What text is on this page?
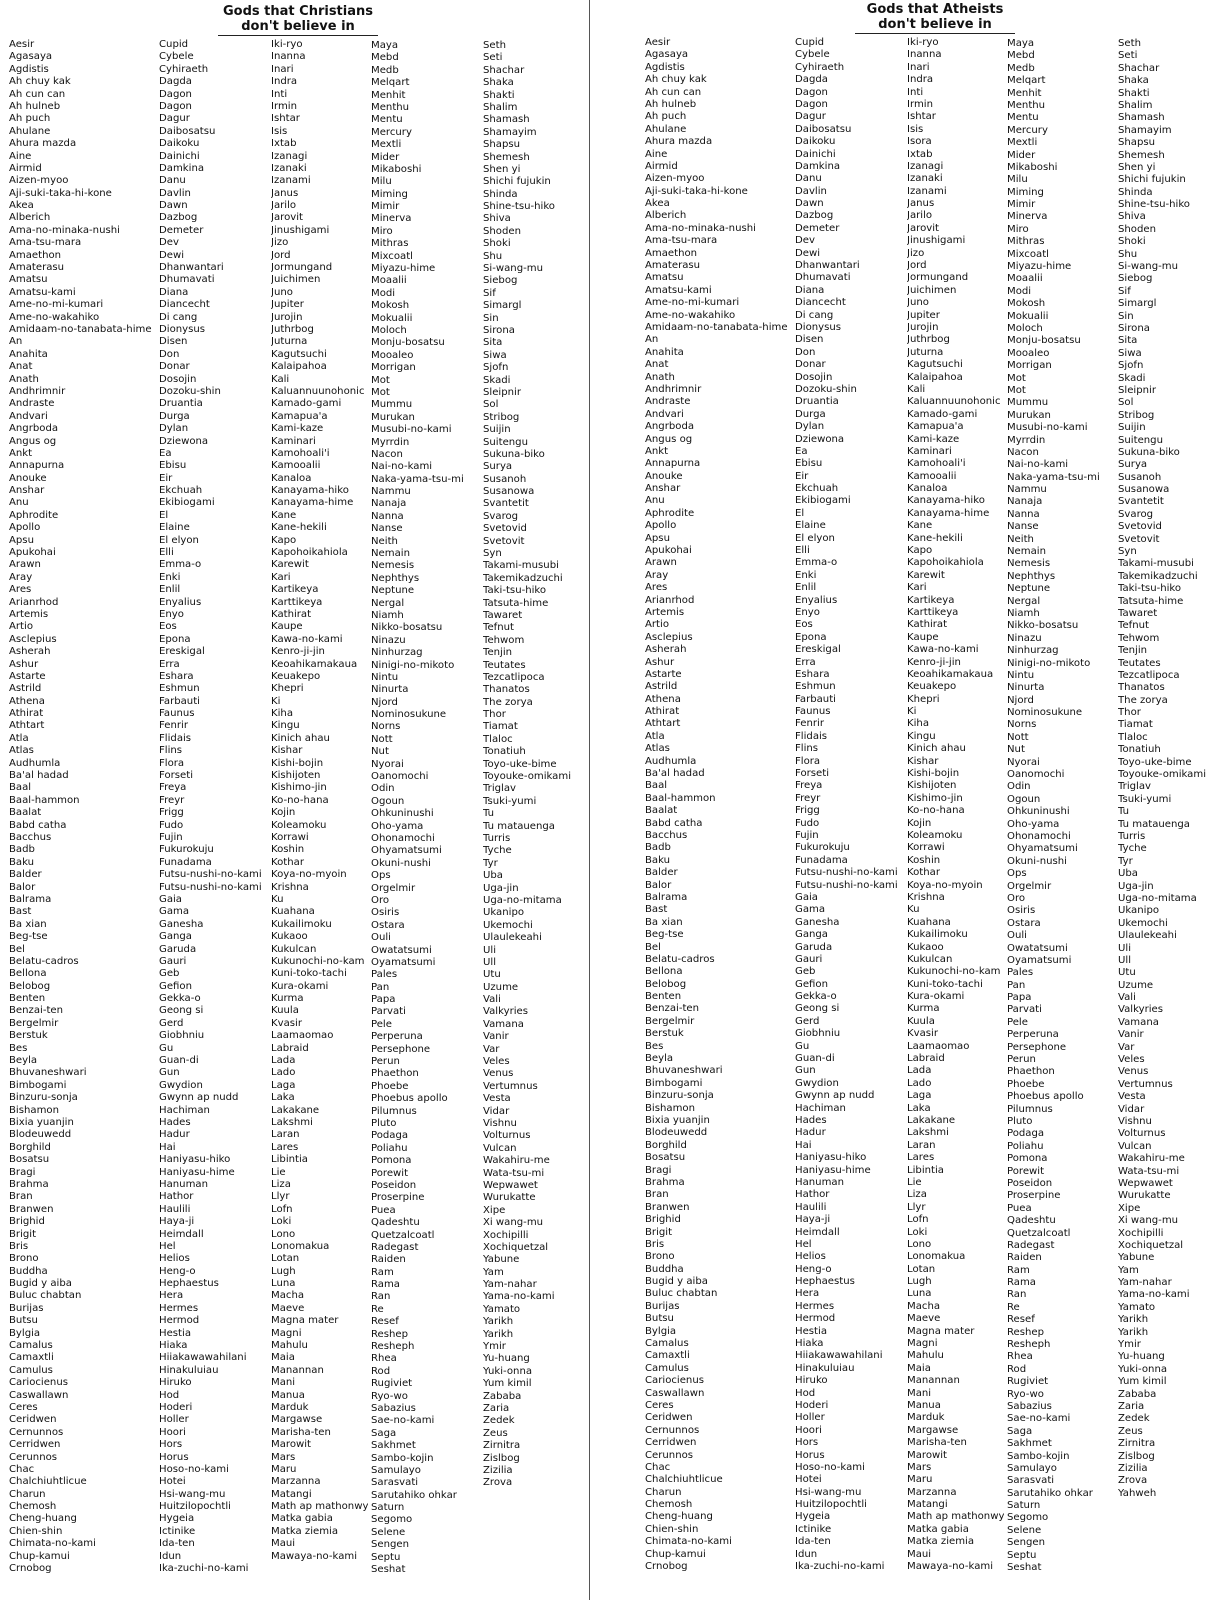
Gods that Christians

don't believe in
Gods that Atheists

don't believe in
Aesir
Agasaya
Agdistis
Ah chuy kak
Ah cun can
Ah hulneb
Ah puch
Ahulane
Ahura mazda
Aine
Airmid
Aizen-myoo
Aji-suki-taka-hi-kone
Akea
Alberich
Ama-no-minaka-nushi
Ama-tsu-mara
Amaethon
Amaterasu
Amatsu
Amatsu-kami
Ame-no-mi-kumari
Ame-no-wakahiko
Amidaam-no-tanabata-hime
An
Anahita
Anat
Anath
Andhrimnir
Andraste
Andvari
Angrboda
Angus og
Ankt
Annapurna
Anouke
Anshar
Anu
Aphrodite
Apollo
Apsu
Apukohai
Arawn
Aray
Ares
Arianrhod
Artemis
Artio
Asclepius
Asherah
Ashur
Astarte
Astrild
Athena
Athirat
Athtart
Atla
Atlas
Audhumla
Ba'al hadad
Baal
Baal-hammon
Baalat
Babd catha
Bacchus
Badb
Baku
Balder
Balor
Balrama
Bast
Ba xian
Beg-tse
Bel
Belatu-cadros
Bellona
Belobog
Benten
Benzai-ten
Bergelmir
Berstuk
Bes
Beyla
Bhuvaneshwari
Bimbogami
Binzuru-sonja
Bishamon
Bixia yuanjin
Blodeuwedd
Borghild
Bosatsu
Bragi
Brahma
Bran
Branwen
Brighid
Brigit
Bris
Brono
Buddha
Bugid y aiba
Buluc chabtan
Burijas
Butsu
Bylgia
Camalus
Camaxtli
Camulus
Cariocienus
Caswallawn
Ceres
Ceridwen
Cernunnos
Cerridwen
Cerunnos
Chac
Chalchiuhtlicue
Charun
Chemosh
Cheng-huang
Chien-shin
Chimata-no-kami
Chup-kamui
Crnobog
Cupid
Cybele
Cyhiraeth
Dagda
Dagon
Dagon
Dagur
Daibosatsu
Daikoku
Dainichi
Damkina
Danu
Davlin
Dawn
Dazbog
Demeter
Dev
Dewi
Dhanwantari
Dhumavati
Diana
Diancecht
Di cang
Dionysus
Disen
Don
Donar
Dosojin
Dozoku-shin
Druantia
Durga
Dylan
Dziewona
Ea
Ebisu
Eir
Ekchuah
Ekibiogami
El
Elaine
El elyon
Elli
Emma-o
Enki
Enlil
Enyalius
Enyo
Eos
Epona
Ereskigal
Erra
Eshara
Eshmun
Farbauti
Faunus
Fenrir
Flidais
Flins
Flora
Forseti
Freya
Freyr
Frigg
Fudo
Fujin
Fukurokuju
Funadama
Futsu-nushi-no-kami
Futsu-nushi-no-kami
Gaia
Gama
Ganesha
Ganga
Garuda
Gauri
Geb
Gefion
Gekka-o
Geong si
Gerd
Giobhniu
Gu
Guan-di
Gun
Gwydion
Gwynn ap nudd
Hachiman
Hades
Hadur
Hai
Haniyasu-hiko
Haniyasu-hime
Hanuman
Hathor
Haulili
Haya-ji
Heimdall
Hel
Helios
Heng-o
Hephaestus
Hera
Hermes
Hermod
Hestia
Hiaka
Hiiakawawahilani
Hinakuluiau
Hiruko
Hod
Hoderi
Holler
Hoori
Hors
Horus
Hoso-no-kami
Hotei
Hsi-wang-mu
Huitzilopochtli
Hygeia
Ictinike
Ida-ten
Idun
Ika-zuchi-no-kami
Iki-ryo
Inanna
Inari
Indra
Inti
Irmin
Ishtar
Isis
Ixtab
Izanagi
Izanaki
Izanami
Janus
Jarilo
Jarovit
Jinushigami
Jizo
Jord
Jormungand
Juichimen
Juno
Jupiter
Jurojin
Juthrbog
Juturna
Kagutsuchi
Kalaipahoa
Kali
Kaluannuunohonic
Kamado-gami
Kamapua'a
Kami-kaze
Kaminari
Kamohoali'i
Kamooalii
Kanaloa
Kanayama-hiko
Kanayama-hime
Kane
Kane-hekili
Kapo
Kapohoikahiola
Karewit
Kari
Kartikeya
Karttikeya
Kathirat
Kaupe
Kawa-no-kami
Kenro-ji-jin
Keoahikamakaua
Keuakepo
Khepri
Ki
Kiha
Kingu
Kinich ahau
Kishar
Kishi-bojin
Kishijoten
Kishimo-jin
Ko-no-hana
Kojin
Koleamoku
Korrawi
Koshin
Kothar
Koya-no-myoin
Krishna
Ku
Kuahana
Kukailimoku
Kukaoo
Kukulcan
Kukunochi-no-kam
Kuni-toko-tachi
Kura-okami
Kurma
Kuula
Kvasir
Laamaomao
Labraid
Lada
Lado
Laga
Laka
Lakakane
Lakshmi
Laran
Lares
Libintia
Lie
Liza
Llyr
Lofn
Loki
Lono
Lonomakua
Lotan
Lugh
Luna
Macha
Maeve
Magna mater
Magni
Mahulu
Maia
Manannan
Mani
Manua
Marduk
Margawse
Marisha-ten
Marowit
Mars
Maru
Marzanna
Matangi
Math ap mathonwy
Matka gabia
Matka ziemia
Maui
Mawaya-no-kami
Maya
Mebd
Medb
Melqart
Menhit
Menthu
Mentu
Mercury
Mextli
Mider
Mikaboshi
Milu
Miming
Mimir
Minerva
Miro
Mithras
Mixcoatl
Miyazu-hime
Moaalii
Modi
Mokosh
Mokualii
Moloch
Monju-bosatsu
Mooaleo
Morrigan
Mot
Mot
Mummu
Murukan
Musubi-no-kami
Myrrdin
Nacon
Nai-no-kami
Naka-yama-tsu-mi
Nammu
Nanaja
Nanna
Nanse
Neith
Nemain
Nemesis
Nephthys
Neptune
Nergal
Niamh
Nikko-bosatsu
Ninazu
Ninhurzag
Ninigi-no-mikoto
Nintu
Ninurta
Njord
Nominosukune
Norns
Nott
Nut
Nyorai
Oanomochi
Odin
Ogoun
Ohkuninushi
Oho-yama
Ohonamochi
Ohyamatsumi
Okuni-nushi
Ops
Orgelmir
Oro
Osiris
Ostara
Ouli
Owatatsumi
Oyamatsumi
Pales
Pan
Papa
Parvati
Pele
Perperuna
Persephone
Perun
Phaethon
Phoebe
Phoebus apollo
Pilumnus
Pluto
Podaga
Poliahu
Pomona
Porewit
Poseidon
Proserpine
Puea
Qadeshtu
Quetzalcoatl
Radegast
Raiden
Ram
Rama
Ran
Re
Resef
Reshep
Resheph
Rhea
Rod
Rugiviet
Ryo-wo
Sabazius
Sae-no-kami
Saga
Sakhmet
Sambo-kojin
Samulayo
Sarasvati
Sarutahiko ohkar
Saturn
Segomo
Selene
Sengen
Septu
Seshat
Seth
Seti
Shachar
Shaka
Shakti
Shalim
Shamash
Shamayim
Shapsu
Shemesh
Shen yi
Shichi fujukin
Shinda
Shine-tsu-hiko
Shiva
Shoden
Shoki
Shu
Si-wang-mu
Siebog
Sif
Simargl
Sin
Sirona
Sita
Siwa
Sjofn
Skadi
Sleipnir
Sol
Stribog
Suijin
Suitengu
Sukuna-biko
Surya
Susanoh
Susanowa
Svantetit
Svarog
Svetovid
Svetovit
Syn
Takami-musubi
Takemikadzuchi
Taki-tsu-hiko
Tatsuta-hime
Tawaret
Tefnut
Tehwom
Tenjin
Teutates
Tezcatlipoca
Thanatos
The zorya
Thor
Tiamat
Tlaloc
Tonatiuh
Toyo-uke-bime
Toyouke-omikami
Triglav
Tsuki-yumi
Tu
Tu matauenga
Turris
Tyche
Tyr
Uba
Uga-jin
Uga-no-mitama
Ukanipo
Ukemochi
Ulaulekeahi
Uli
Ull
Utu
Uzume
Vali
Valkyries
Vamana
Vanir
Var
Veles
Venus
Vertumnus
Vesta
Vidar
Vishnu
Volturnus
Vulcan
Wakahiru-me
Wata-tsu-mi
Wepwawet
Wurukatte
Xipe
Xi wang-mu
Xochipilli
Xochiquetzal
Yabune
Yam
Yam-nahar
Yama-no-kami
Yamato
Yarikh
Yarikh
Ymir
Yu-huang
Yuki-onna
Yum kimil
Zababa
Zaria
Zedek
Zeus
Zirnitra
Zislbog
Zizilia
Zrova
Aesir
Agasaya
Agdistis
Ah chuy kak
Ah cun can
Ah hulneb
Ah puch
Ahulane
Ahura mazda
Aine
Airmid
Aizen-myoo
Aji-suki-taka-hi-kone
Akea
Alberich
Ama-no-minaka-nushi
Ama-tsu-mara
Amaethon
Amaterasu
Amatsu
Amatsu-kami
Ame-no-mi-kumari
Ame-no-wakahiko
Amidaam-no-tanabata-hime
An
Anahita
Anat
Anath
Andhrimnir
Andraste
Andvari
Angrboda
Angus og
Ankt
Annapurna
Anouke
Anshar
Anu
Aphrodite
Apollo
Apsu
Apukohai
Arawn
Aray
Ares
Arianrhod
Artemis
Artio
Asclepius
Asherah
Ashur
Astarte
Astrild
Athena
Athirat
Athtart
Atla
Atlas
Audhumla
Ba'al hadad
Baal
Baal-hammon
Baalat
Babd catha
Bacchus
Badb
Baku
Balder
Balor
Balrama
Bast
Ba xian
Beg-tse
Bel
Belatu-cadros
Bellona
Belobog
Benten
Benzai-ten
Bergelmir
Berstuk
Bes
Beyla
Bhuvaneshwari
Bimbogami
Binzuru-sonja
Bishamon
Bixia yuanjin
Blodeuwedd
Borghild
Bosatsu
Bragi
Brahma
Bran
Branwen
Brighid
Brigit
Bris
Brono
Buddha
Bugid y aiba
Buluc chabtan
Burijas
Butsu
Bylgia
Camalus
Camaxtli
Camulus
Cariocienus
Caswallawn
Ceres
Ceridwen
Cernunnos
Cerridwen
Cerunnos
Chac
Chalchiuhtlicue
Charun
Chemosh
Cheng-huang
Chien-shin
Chimata-no-kami
Chup-kamui
Crnobog
Cupid
Cybele
Cyhiraeth
Dagda
Dagon
Dagon
Dagur
Daibosatsu
Daikoku
Dainichi
Damkina
Danu
Davlin
Dawn
Dazbog
Demeter
Dev
Dewi
Dhanwantari
Dhumavati
Diana
Diancecht
Di cang
Dionysus
Disen
Don
Donar
Dosojin
Dozoku-shin
Druantia
Durga
Dylan
Dziewona
Ea
Ebisu
Eir
Ekchuah
Ekibiogami
El
Elaine
El elyon
Elli
Emma-o
Enki
Enlil
Enyalius
Enyo
Eos
Epona
Ereskigal
Erra
Eshara
Eshmun
Farbauti
Faunus
Fenrir
Flidais
Flins
Flora
Forseti
Freya
Freyr
Frigg
Fudo
Fujin
Fukurokuju
Funadama
Futsu-nushi-no-kami
Futsu-nushi-no-kami
Gaia
Gama
Ganesha
Ganga
Garuda
Gauri
Geb
Gefion
Gekka-o
Geong si
Gerd
Giobhniu
Gu
Guan-di
Gun
Gwydion
Gwynn ap nudd
Hachiman
Hades
Hadur
Hai
Haniyasu-hiko
Haniyasu-hime
Hanuman
Hathor
Haulili
Haya-ji
Heimdall
Hel
Helios
Heng-o
Hephaestus
Hera
Hermes
Hermod
Hestia
Hiaka
Hiiakawawahilani
Hinakuluiau
Hiruko
Hod
Hoderi
Holler
Hoori
Hors
Horus
Hoso-no-kami
Hotei
Hsi-wang-mu
Huitzilopochtli
Hygeia
Ictinike
Ida-ten
Idun
Ika-zuchi-no-kami
Iki-ryo
Inanna
Inari
Indra
Inti
Irmin
Ishtar
Isis
Isora
Ixtab
Izanagi
Izanaki
Izanami
Janus
Jarilo
Jarovit
Jinushigami
Jizo
Jord
Jormungand
Juichimen
Juno
Jupiter
Jurojin
Juthrbog
Juturna
Kagutsuchi
Kalaipahoa
Kali
Kaluannuunohonic
Kamado-gami
Kamapua'a
Kami-kaze
Kaminari
Kamohoali'i
Kamooalii
Kanaloa
Kanayama-hiko
Kanayama-hime
Kane
Kane-hekili
Kapo
Kapohoikahiola
Karewit
Kari
Kartikeya
Karttikeya
Kathirat
Kaupe
Kawa-no-kami
Kenro-ji-jin
Keoahikamakaua
Keuakepo
Khepri
Ki
Kiha
Kingu
Kinich ahau
Kishar
Kishi-bojin
Kishijoten
Kishimo-jin
Ko-no-hana
Kojin
Koleamoku
Korrawi
Koshin
Kothar
Koya-no-myoin
Krishna
Ku
Kuahana
Kukailimoku
Kukaoo
Kukulcan
Kukunochi-no-kam
Kuni-toko-tachi
Kura-okami
Kurma
Kuula
Kvasir
Laamaomao
Labraid
Lada
Lado
Laga
Laka
Lakakane
Lakshmi
Laran
Lares
Libintia
Lie
Liza
Llyr
Lofn
Loki
Lono
Lonomakua
Lotan
Lugh
Luna
Macha
Maeve
Magna mater
Magni
Mahulu
Maia
Manannan
Mani
Manua
Marduk
Margawse
Marisha-ten
Marowit
Mars
Maru
Marzanna
Matangi
Math ap mathonwy
Matka gabia
Matka ziemia
Maui
Mawaya-no-kami
Maya
Mebd
Medb
Melqart
Menhit
Menthu
Mentu
Mercury
Mextli
Mider
Mikaboshi
Milu
Miming
Mimir
Minerva
Miro
Mithras
Mixcoatl
Miyazu-hime
Moaalii
Modi
Mokosh
Mokualii
Moloch
Monju-bosatsu
Mooaleo
Morrigan
Mot
Mot
Mummu
Murukan
Musubi-no-kami
Myrrdin
Nacon
Nai-no-kami
Naka-yama-tsu-mi
Nammu
Nanaja
Nanna
Nanse
Neith
Nemain
Nemesis
Nephthys
Neptune
Nergal
Niamh
Nikko-bosatsu
Ninazu
Ninhurzag
Ninigi-no-mikoto
Nintu
Ninurta
Njord
Nominosukune
Norns
Nott
Nut
Nyorai
Oanomochi
Odin
Ogoun
Ohkuninushi
Oho-yama
Ohonamochi
Ohyamatsumi
Okuni-nushi
Ops
Orgelmir
Oro
Osiris
Ostara
Ouli
Owatatsumi
Oyamatsumi
Pales
Pan
Papa
Parvati
Pele
Perperuna
Persephone
Perun
Phaethon
Phoebe
Phoebus apollo
Pilumnus
Pluto
Podaga
Poliahu
Pomona
Porewit
Poseidon
Proserpine
Puea
Qadeshtu
Quetzalcoatl
Radegast
Raiden
Ram
Rama
Ran
Re
Resef
Reshep
Resheph
Rhea
Rod
Rugiviet
Ryo-wo
Sabazius
Sae-no-kami
Saga
Sakhmet
Sambo-kojin
Samulayo
Sarasvati
Sarutahiko ohkar
Saturn
Segomo
Selene
Sengen
Septu
Seshat
Seth
Seti
Shachar
Shaka
Shakti
Shalim
Shamash
Shamayim
Shapsu
Shemesh
Shen yi
Shichi fujukin
Shinda
Shine-tsu-hiko
Shiva
Shoden
Shoki
Shu
Si-wang-mu
Siebog
Sif
Simargl
Sin
Sirona
Sita
Siwa
Sjofn
Skadi
Sleipnir
Sol
Stribog
Suijin
Suitengu
Sukuna-biko
Surya
Susanoh
Susanowa
Svantetit
Svarog
Svetovid
Svetovit
Syn
Takami-musubi
Takemikadzuchi
Taki-tsu-hiko
Tatsuta-hime
Tawaret
Tefnut
Tehwom
Tenjin
Teutates
Tezcatlipoca
Thanatos
The zorya
Thor
Tiamat
Tlaloc
Tonatiuh
Toyo-uke-bime
Toyouke-omikami
Triglav
Tsuki-yumi
Tu
Tu matauenga
Turris
Tyche
Tyr
Uba
Uga-jin
Uga-no-mitama
Ukanipo
Ukemochi
Ulaulekeahi
Uli
Ull
Utu
Uzume
Vali
Valkyries
Vamana
Vanir
Var
Veles
Venus
Vertumnus
Vesta
Vidar
Vishnu
Volturnus
Vulcan
Wakahiru-me
Wata-tsu-mi
Wepwawet
Wurukatte
Xipe
Xi wang-mu
Xochipilli
Xochiquetzal
Yabune
Yam
Yam-nahar
Yama-no-kami
Yamato
Yarikh
Yarikh
Ymir
Yu-huang
Yuki-onna
Yum kimil
Zababa
Zaria
Zedek
Zeus
Zirnitra
Zislbog
Zizilia
Zrova
Yahweh
